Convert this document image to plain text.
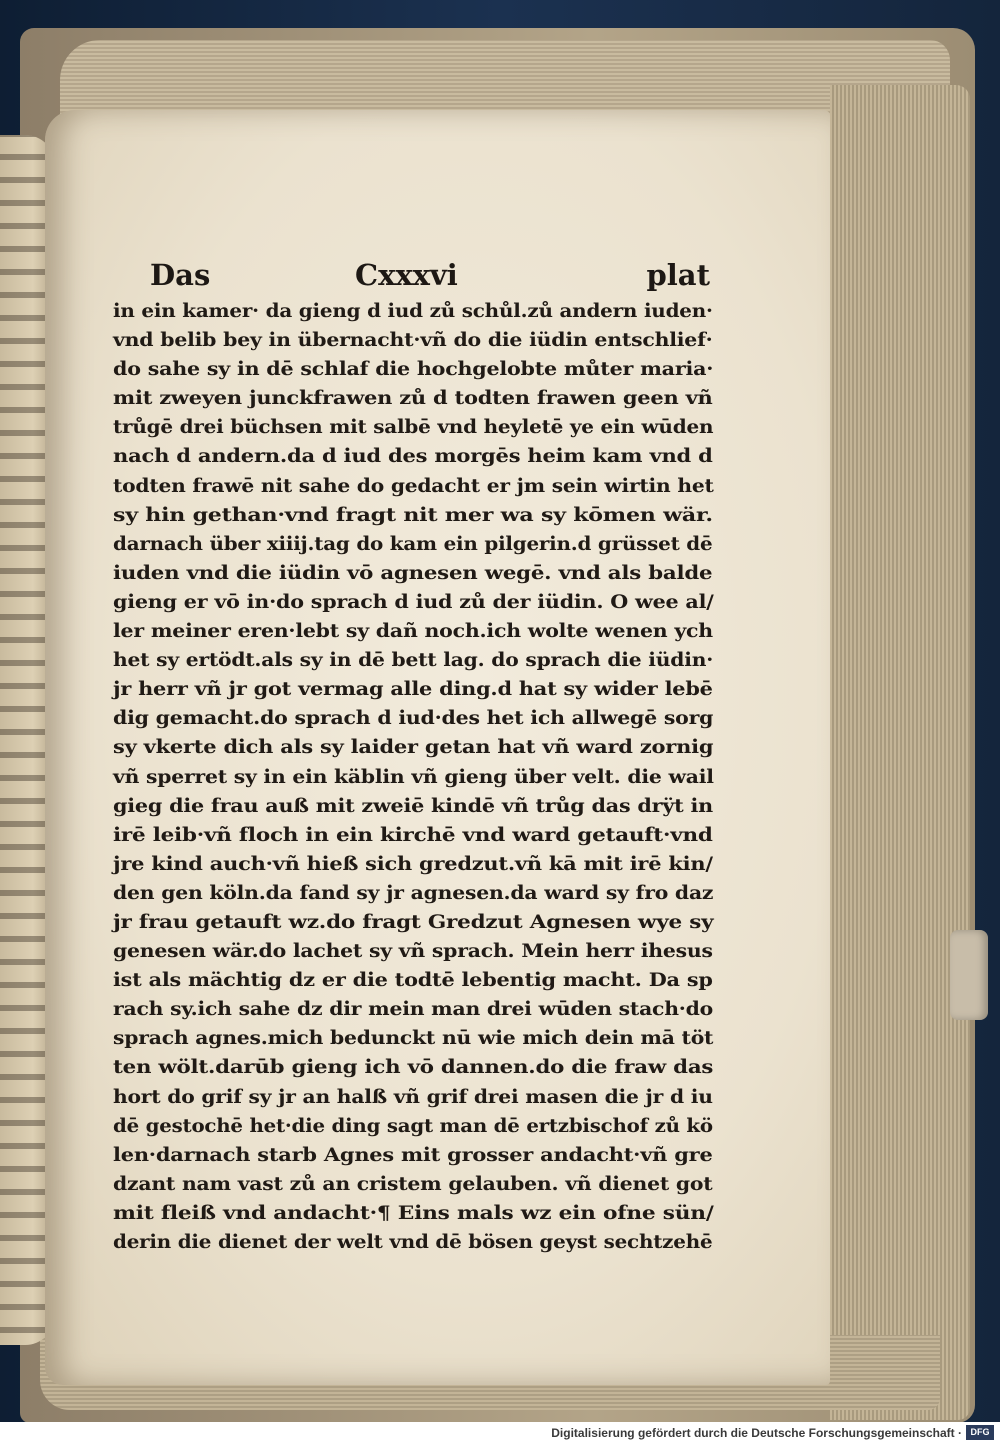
Das	Cxxxvi	plat
in ein kamer· da gieng d iud zů schůl.zů andern iuden·
vnd belib bey in übernacht·vñ do die iüdin entschlief·
do sahe sy in dē schlaf die hochgelobte můter maria·
mit zweyen junckfrawen zů d todten frawen geen vñ
trůgē drei büchsen mit salbē vnd heyletē ye ein wūden
nach d andern.da d iud des morgēs heim kam vnd d
todten frawē nit sahe do gedacht er jm sein wirtin het
sy hin gethan·vnd fragt nit mer wa sy kōmen wär.
darnach über xiiij.tag do kam ein pilgerin.d grüsset dē
iuden vnd die iüdin vō agnesen wegē. vnd als balde
gieng er vō in·do sprach d iud zů der iüdin. O wee al/
ler meiner eren·lebt sy dañ noch.ich wolte wenen ych
het sy ertödt.als sy in dē bett lag. do sprach die iüdin·
jr herr vñ jr got vermag alle ding.d hat sy wider lebē
dig gemacht.do sprach d iud·des het ich allwegē sorg
sy vkerte dich als sy laider getan hat vñ ward zornig
vñ sperret sy in ein käblin vñ gieng über velt. die wail
gieg die frau auß mit zweiē kindē vñ trůg das drÿt in
irē leib·vñ floch in ein kirchē vnd ward getauft·vnd
jre kind auch·vñ hieß sich gredzut.vñ kā mit irē kin/
den gen köln.da fand sy jr agnesen.da ward sy fro daz
jr frau getauft wz.do fragt Gredzut Agnesen wye sy
genesen wär.do lachet sy vñ sprach. Mein herr ihesus
ist als mächtig dz er die todtē lebentig macht. Da sp
rach sy.ich sahe dz dir mein man drei wūden stach·do
sprach agnes.mich bedunckt nū wie mich dein mā töt
ten wölt.darūb gieng ich vō dannen.do die fraw das
hort do grif sy jr an halß vñ grif drei masen die jr d iu
dē gestochē het·die ding sagt man dē ertzbischof zů kö
len·darnach starb Agnes mit grosser andacht·vñ gre
dzant nam vast zů an cristem gelauben. vñ dienet got
mit fleiß vnd andacht·¶ Eins mals wz ein ofne sün/
derin die dienet der welt vnd dē bösen geyst sechtzehē
Digitalisierung gefördert durch die Deutsche Forschungsgemeinschaft · DFG
